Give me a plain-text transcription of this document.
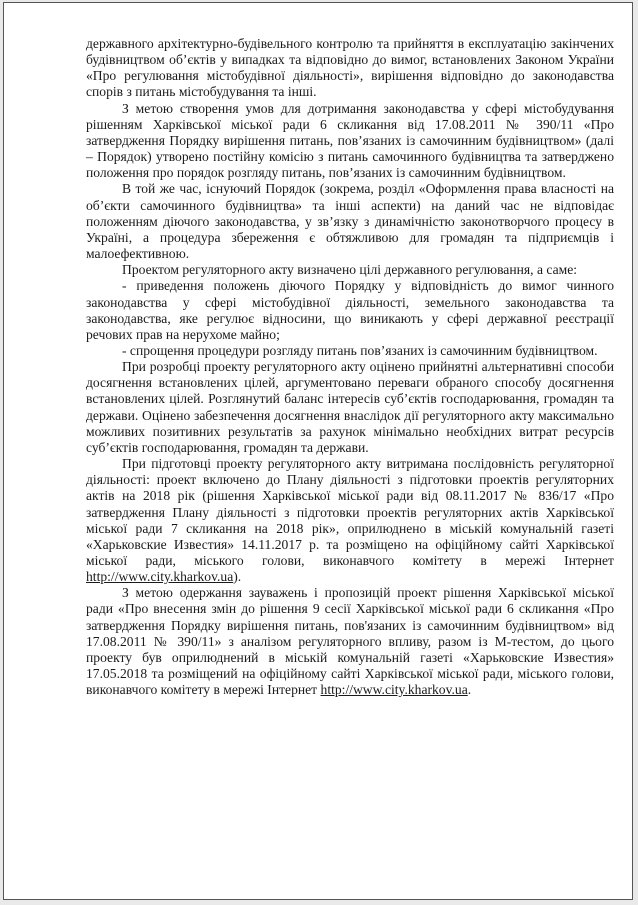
державного архітектурно-будівельного контролю та прийняття в експлуатацію закінчених будівництвом об’єктів у випадках та відповідно до вимог, встановлених Законом України «Про регулювання містобудівної діяльності», вирішення відповідно до законодавства спорів з питань містобудування та інші.

З метою створення умов для дотримання законодавства у сфері містобудування рішенням Харківської міської ради 6 скликання від 17.08.2011 № 390/11 «Про затвердження Порядку вирішення питань, пов’язаних із самочинним будівництвом» (далі – Порядок) утворено постійну комісію з питань самочинного будівництва та затверджено положення про порядок розгляду питань, пов’язаних із самочинним будівництвом.

В той же час, існуючий Порядок (зокрема, розділ «Оформлення права власності на об’єкти самочинного будівництва» та інші аспекти) на даний час не відповідає положенням діючого законодавства, у зв’язку з динамічністю законотворчого процесу в Україні, а процедура збереження є обтяжливою для громадян та підприємців і малоефективною.

Проектом регуляторного акту визначено цілі державного регулювання, а саме:

- приведення положень діючого Порядку у відповідність до вимог чинного законодавства у сфері містобудівної діяльності, земельного законодавства та законодавства, яке регулює відносини, що виникають у сфері державної реєстрації речових прав на нерухоме майно;

- спрощення процедури розгляду питань пов’язаних із самочинним будівництвом.

При розробці проекту регуляторного акту оцінено прийнятні альтернативні способи досягнення встановлених цілей, аргументовано переваги обраного способу досягнення встановлених цілей. Розглянутий баланс інтересів суб’єктів господарювання, громадян та держави. Оцінено забезпечення досягнення внаслідок дії регуляторного акту максимально можливих позитивних результатів за рахунок мінімально необхідних витрат ресурсів суб’єктів господарювання, громадян та держави.

При підготовці проекту регуляторного акту витримана послідовність регуляторної діяльності: проект включено до Плану діяльності з підготовки проектів регуляторних актів на 2018 рік (рішення Харківської міської ради від 08.11.2017 № 836/17 «Про затвердження Плану діяльності з підготовки проектів регуляторних актів Харківської міської ради 7 скликання на 2018 рік», оприлюднено в міській комунальній газеті «Харьковские Известия» 14.11.2017 р. та розміщено на офіційному сайті Харківської міської ради, міського голови, виконавчого комітету в мережі Інтернет http://www.city.kharkov.ua).

З метою одержання зауважень і пропозицій проект рішення Харківської міської ради «Про внесення змін до рішення 9 сесії Харківської міської ради 6 скликання «Про затвердження Порядку вирішення питань, пов'язаних із самочинним будівництвом» від 17.08.2011 № 390/11» з аналізом регуляторного впливу, разом із М-тестом, до цього проекту був оприлюднений в міській комунальній газеті «Харьковские Известия» 17.05.2018 та розміщений на офіційному сайті Харківської міської ради, міського голови, виконавчого комітету в мережі Інтернет http://www.city.kharkov.ua.
